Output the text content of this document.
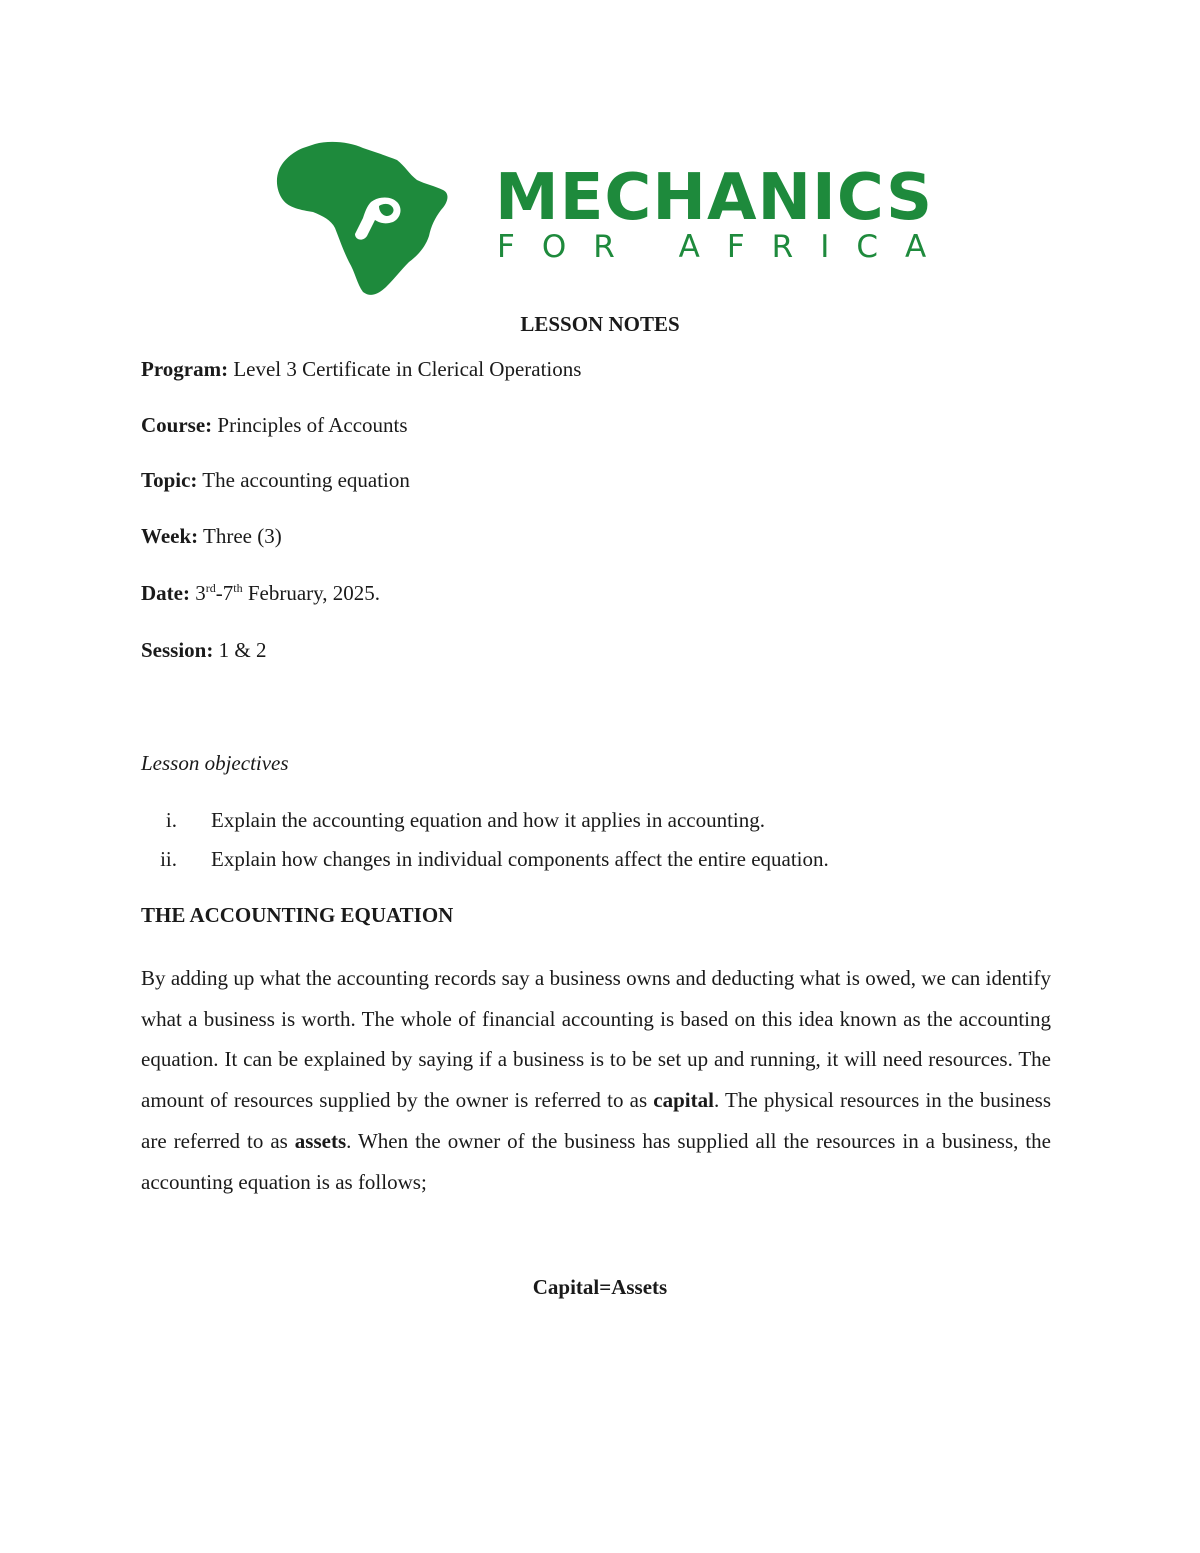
MECHANICS
FOR AFRICA
LESSON NOTES
Program: Level 3 Certificate in Clerical Operations
Course: Principles of Accounts
Topic: The accounting equation
Week: Three (3)
Date: 3rd-7th February, 2025.
Session: 1 & 2
Lesson objectives
i. Explain the accounting equation and how it applies in accounting.
ii. Explain how changes in individual components affect the entire equation.
THE ACCOUNTING EQUATION
By adding up what the accounting records say a business owns and deducting what is owed, we can identify what a business is worth. The whole of financial accounting is based on this idea known as the accounting equation. It can be explained by saying if a business is to be set up and running, it will need resources. The amount of resources supplied by the owner is referred to as capital. The physical resources in the business are referred to as assets. When the owner of the business has supplied all the resources in a business, the accounting equation is as follows;
Capital=Assets
